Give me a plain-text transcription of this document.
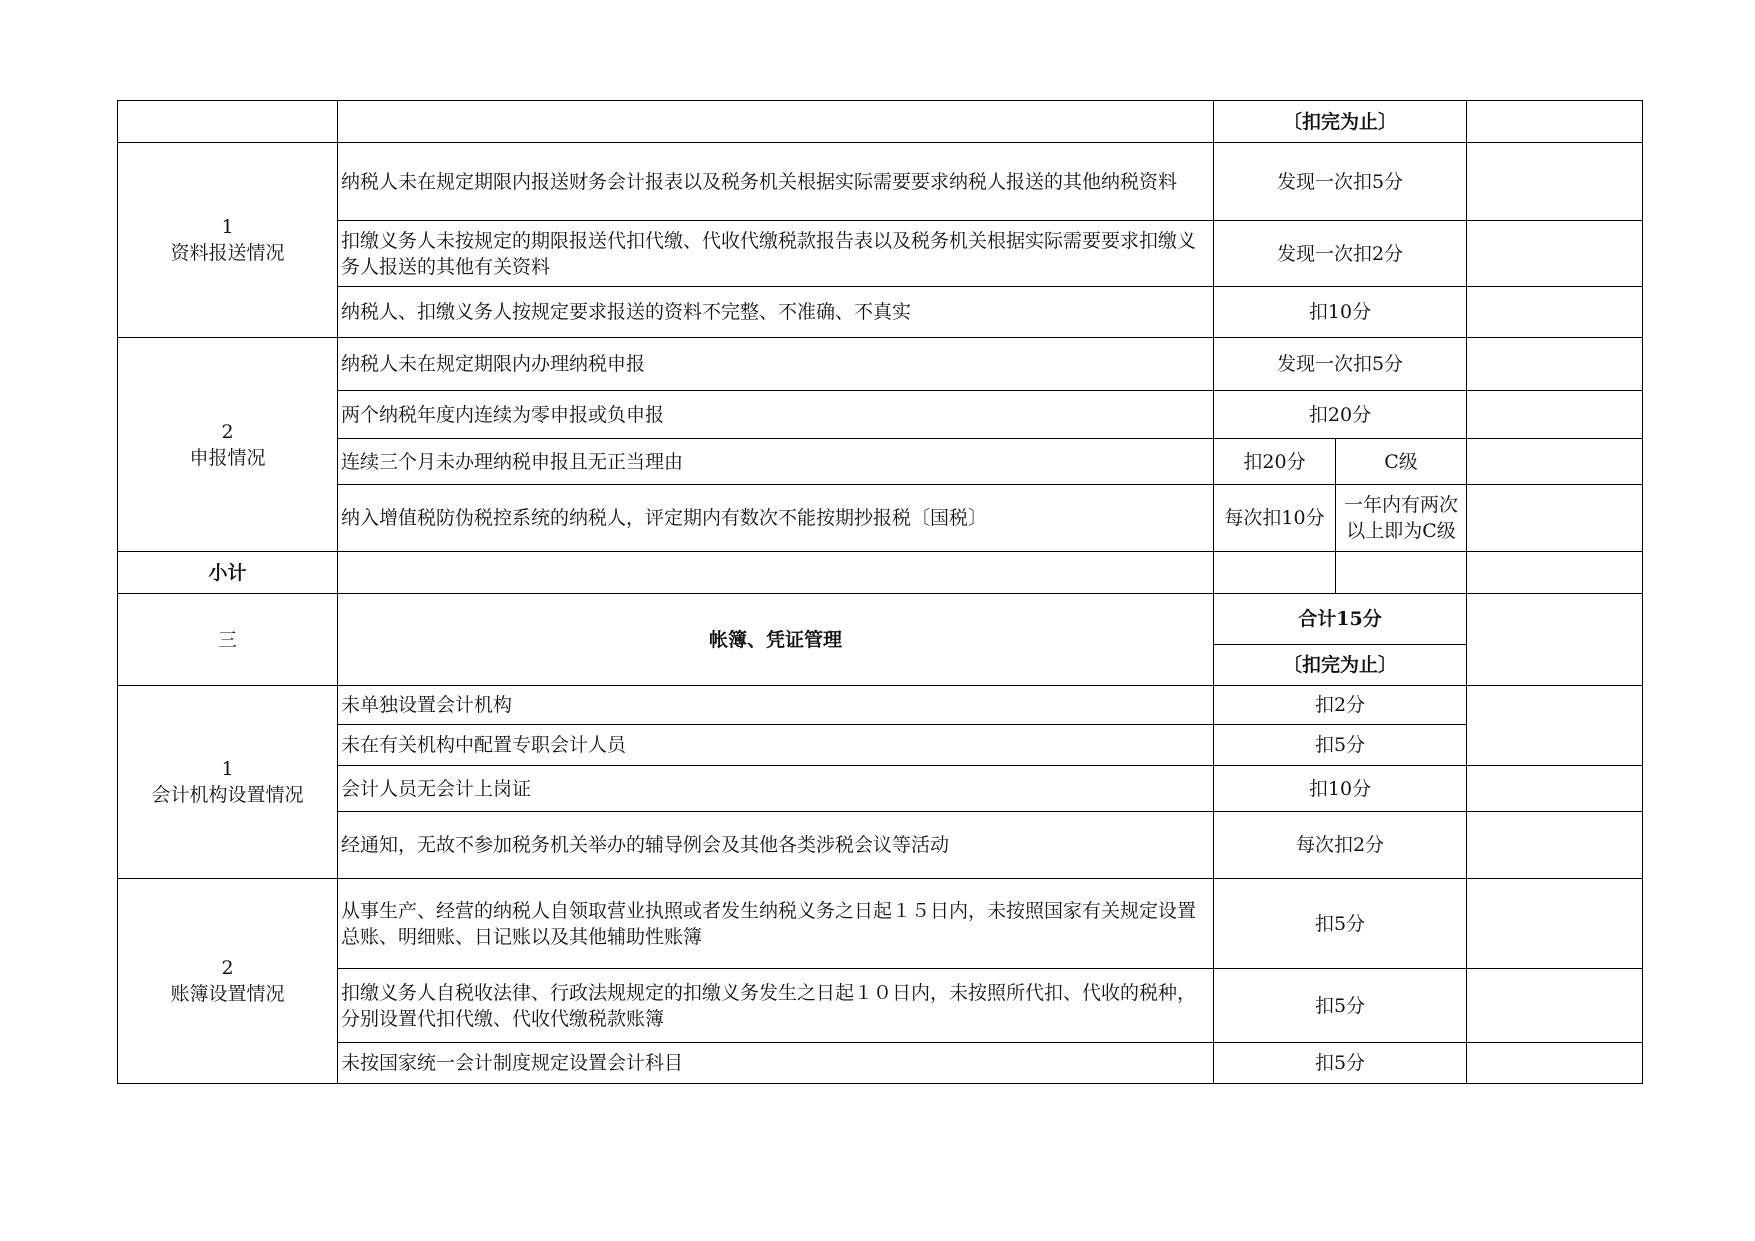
		〔扣完为止〕		

1
资料报送情况	纳税人未在规定期限内报送财务会计报表以及税务机关根据实际需要要求纳税人报送的其他纳税资料	发现一次扣5分		
	扣缴义务人未按规定的期限报送代扣代缴、代收代缴税款报告表以及税务机关根据实际需要要求扣缴义务人报送的其他有关资料	发现一次扣2分		
	纳税人、扣缴义务人按规定要求报送的资料不完整、不准确、不真实	扣10分		

2
申报情况	纳税人未在规定期限内办理纳税申报	发现一次扣5分		
	两个纳税年度内连续为零申报或负申报	扣20分		
	连续三个月未办理纳税申报且无正当理由	扣20分	C级	
	纳入增值税防伪税控系统的纳税人，评定期内有数次不能按期抄报税〔国税〕	每次扣10分	一年内有两次以上即为C级	
小计				
三	帐簿、凭证管理	合计15分		
		〔扣完为止〕		

1
会计机构设置情况	未单独设置会计机构	扣2分		
	未在有关机构中配置专职会计人员	扣5分		
	会计人员无会计上岗证	扣10分		
	经通知，无故不参加税务机关举办的辅导例会及其他各类涉税会议等活动	每次扣2分		

2
账簿设置情况	从事生产、经营的纳税人自领取营业执照或者发生纳税义务之日起１５日内，未按照国家有关规定设置总账、明细账、日记账以及其他辅助性账簿	扣5分		
	扣缴义务人自税收法律、行政法规规定的扣缴义务发生之日起１０日内，未按照所代扣、代收的税种，分别设置代扣代缴、代收代缴税款账簿	扣5分		
	未按国家统一会计制度规定设置会计科目	扣5分		
